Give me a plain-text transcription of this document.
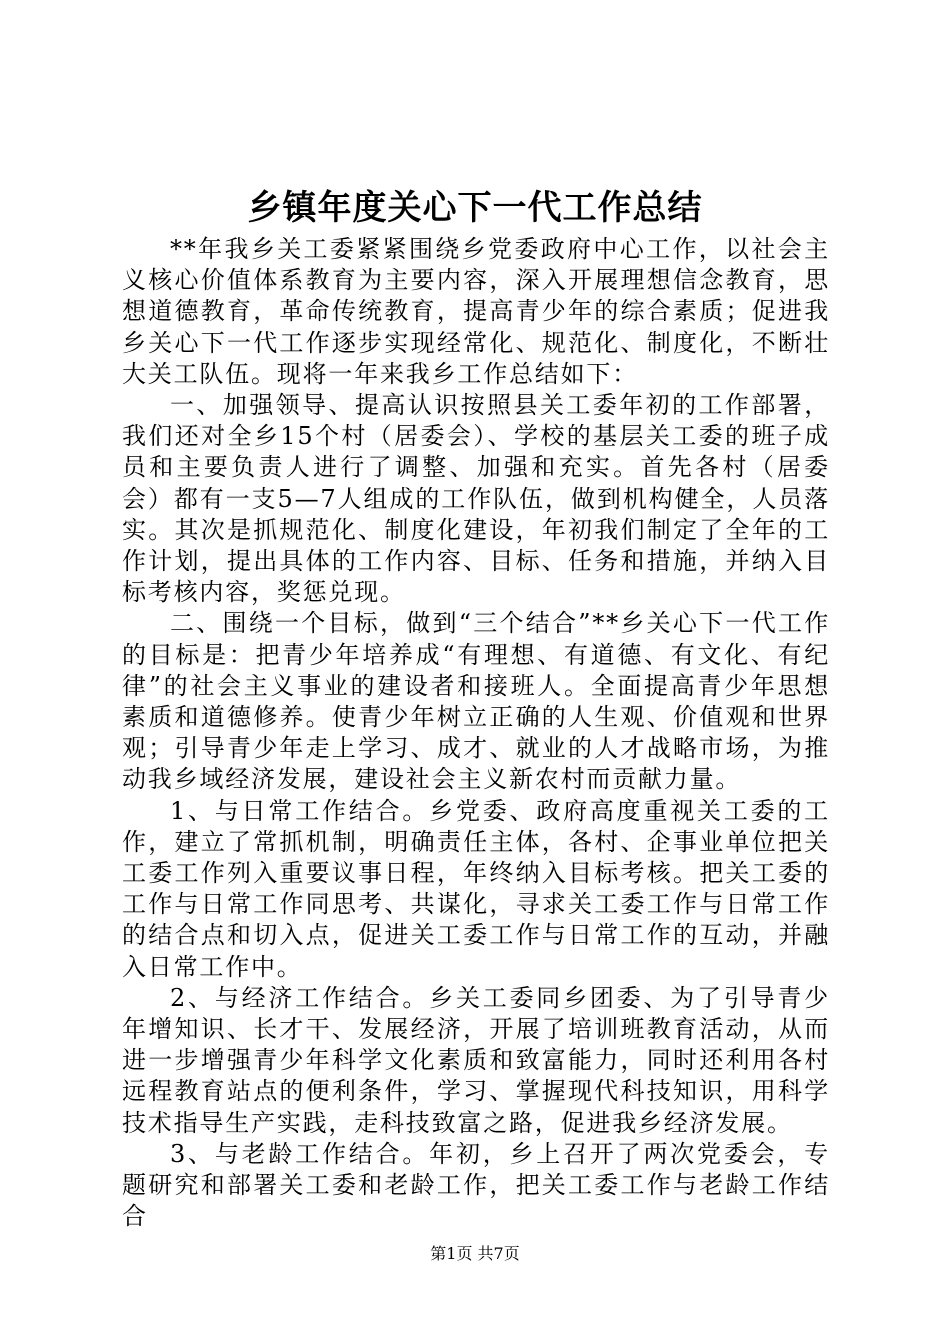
乡镇年度关心下一代工作总结

**年我乡关工委紧紧围绕乡党委政府中心工作，以社会主义核心价值体系教育为主要内容，深入开展理想信念教育，思想道德教育，革命传统教育，提高青少年的综合素质；促进我乡关心下一代工作逐步实现经常化、规范化、制度化，不断壮大关工队伍。现将一年来我乡工作总结如下：

一、加强领导、提高认识按照县关工委年初的工作部署，我们还对全乡15个村（居委会）、学校的基层关工委的班子成员和主要负责人进行了调整、加强和充实。首先各村（居委会）都有一支5—7人组成的工作队伍，做到机构健全，人员落实。其次是抓规范化、制度化建设，年初我们制定了全年的工作计划，提出具体的工作内容、目标、任务和措施，并纳入目标考核内容，奖惩兑现。

二、围绕一个目标，做到“三个结合”**乡关心下一代工作的目标是：把青少年培养成“有理想、有道德、有文化、有纪律”的社会主义事业的建设者和接班人。全面提高青少年思想素质和道德修养。使青少年树立正确的人生观、价值观和世界观；引导青少年走上学习、成才、就业的人才战略市场，为推动我乡域经济发展，建设社会主义新农村而贡献力量。

1、与日常工作结合。乡党委、政府高度重视关工委的工作，建立了常抓机制，明确责任主体，各村、企事业单位把关工委工作列入重要议事日程，年终纳入目标考核。把关工委的工作与日常工作同思考、共谋化，寻求关工委工作与日常工作的结合点和切入点，促进关工委工作与日常工作的互动，并融入日常工作中。

2、与经济工作结合。乡关工委同乡团委、为了引导青少年增知识、长才干、发展经济，开展了培训班教育活动，从而进一步增强青少年科学文化素质和致富能力，同时还利用各村远程教育站点的便利条件，学习、掌握现代科技知识，用科学技术指导生产实践，走科技致富之路，促进我乡经济发展。

3、与老龄工作结合。年初，乡上召开了两次党委会，专题研究和部署关工委和老龄工作，把关工委工作与老龄工作结合

第1页 共7页
